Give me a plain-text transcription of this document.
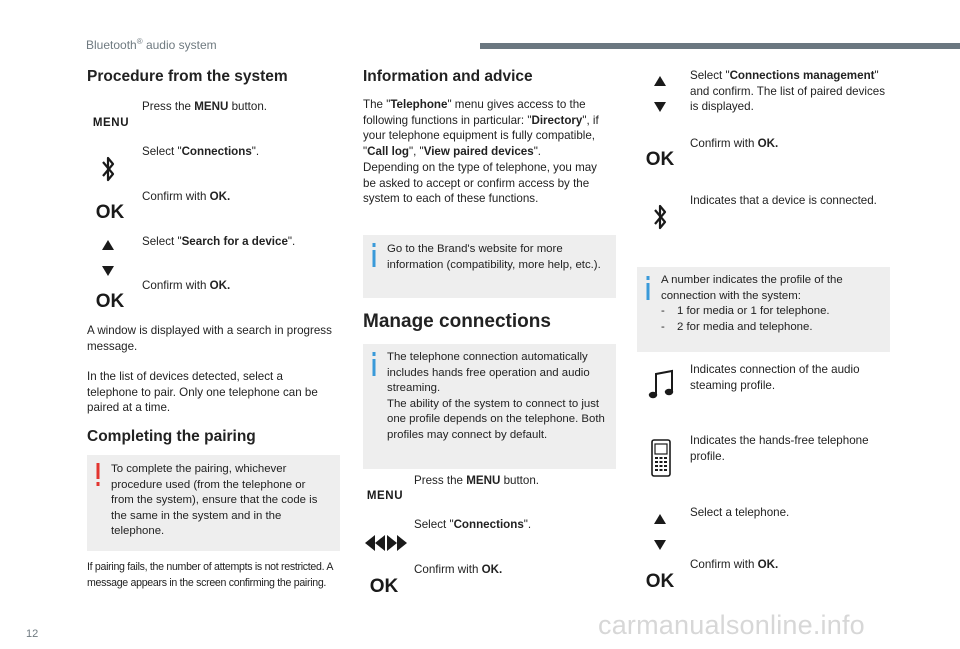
Bluetooth® audio system
Procedure from the system
MENU
Press the MENU button.
Select "Connections".
OK
Confirm with OK.
Select "Search for a device".
OK
Confirm with OK.

A window is displayed with a search in progress message.

In the list of devices detected, select a telephone to pair. Only one telephone can be paired at a time.

Completing the pairing
To complete the pairing, whichever procedure used (from the telephone or from the system), ensure that the code is the same in the system and in the telephone.
If pairing fails, the number of attempts is not restricted. A message appears in the screen confirming the pairing.
Information and advice

The "Telephone" menu gives access to the following functions in particular: "Directory", if your telephone equipment is fully compatible, "Call log", "View paired devices".

Depending on the type of telephone, you may be asked to accept or confirm access by the system to each of these functions.

Go to the Brand's website for more information (compatibility, more help, etc.).
Manage connections
The telephone connection automatically includes hands free operation and audio streaming.
The ability of the system to connect to just one profile depends on the telephone. Both profiles may connect by default.
MENU
Press the MENU button.
Select "Connections".
OK
Confirm with OK.
Select "Connections management" and confirm. The list of paired devices is displayed.
OK
Confirm with OK.
Indicates that a device is connected.
A number indicates the profile of the connection with the system:
-	1 for media or 1 for telephone.
-	2 for media and telephone.
Indicates connection of the audio steaming profile.
Indicates the hands-free telephone profile.
Select a telephone.
OK
Confirm with OK.
12	carmanualsonline.info
